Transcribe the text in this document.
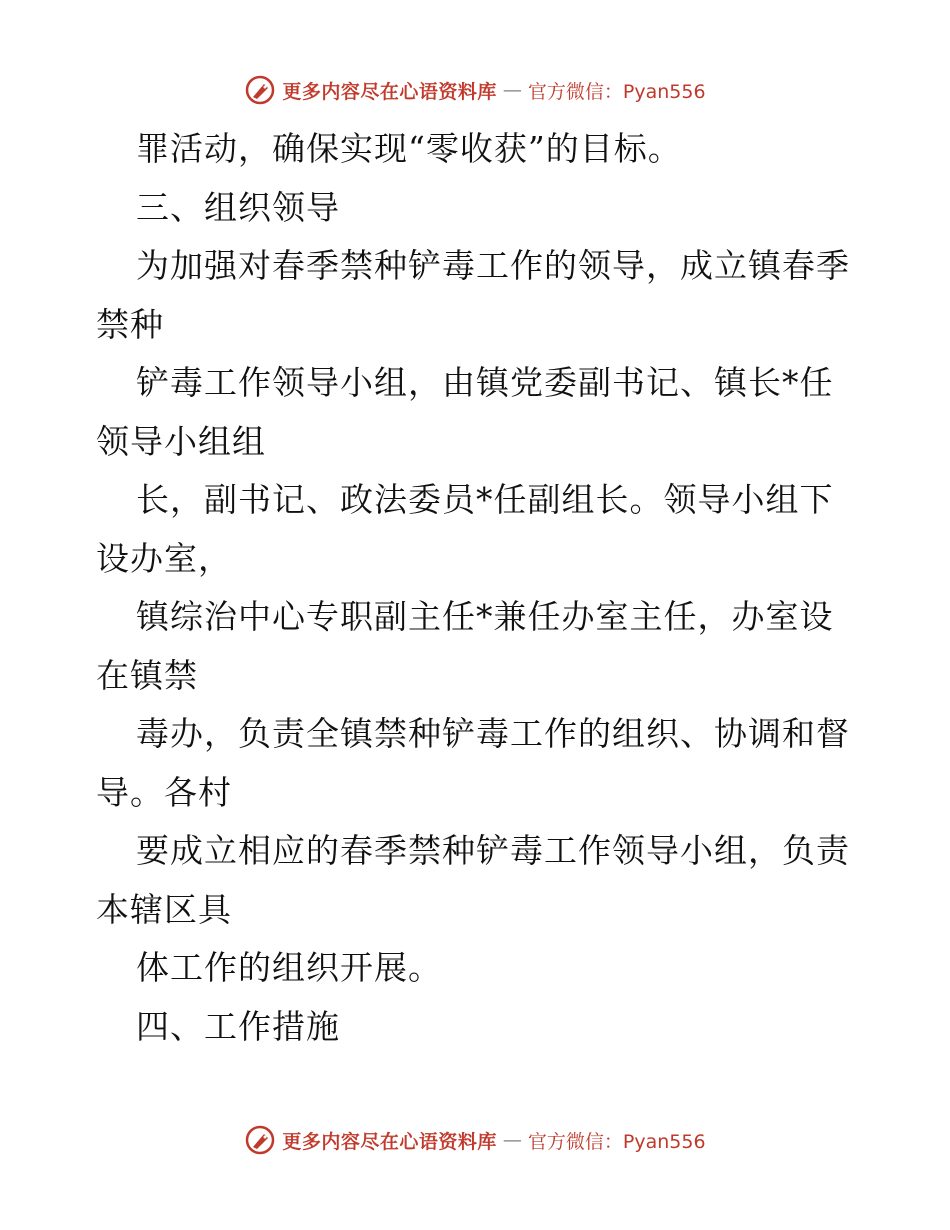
更多内容尽在心语资料库 — 官方微信：Pyan556
罪活动，确保实现“零收获”的目标。
三、组织领导
为加强对春季禁种铲毒工作的领导，成立镇春季
禁种
铲毒工作领导小组，由镇党委副书记、镇长*任
领导小组组
长，副书记、政法委员*任副组长。领导小组下
设办室，
镇综治中心专职副主任*兼任办室主任，办室设
在镇禁
毒办，负责全镇禁种铲毒工作的组织、协调和督
导。各村
要成立相应的春季禁种铲毒工作领导小组，负责
本辖区具
体工作的组织开展。
四、工作措施
更多内容尽在心语资料库 — 官方微信：Pyan556
